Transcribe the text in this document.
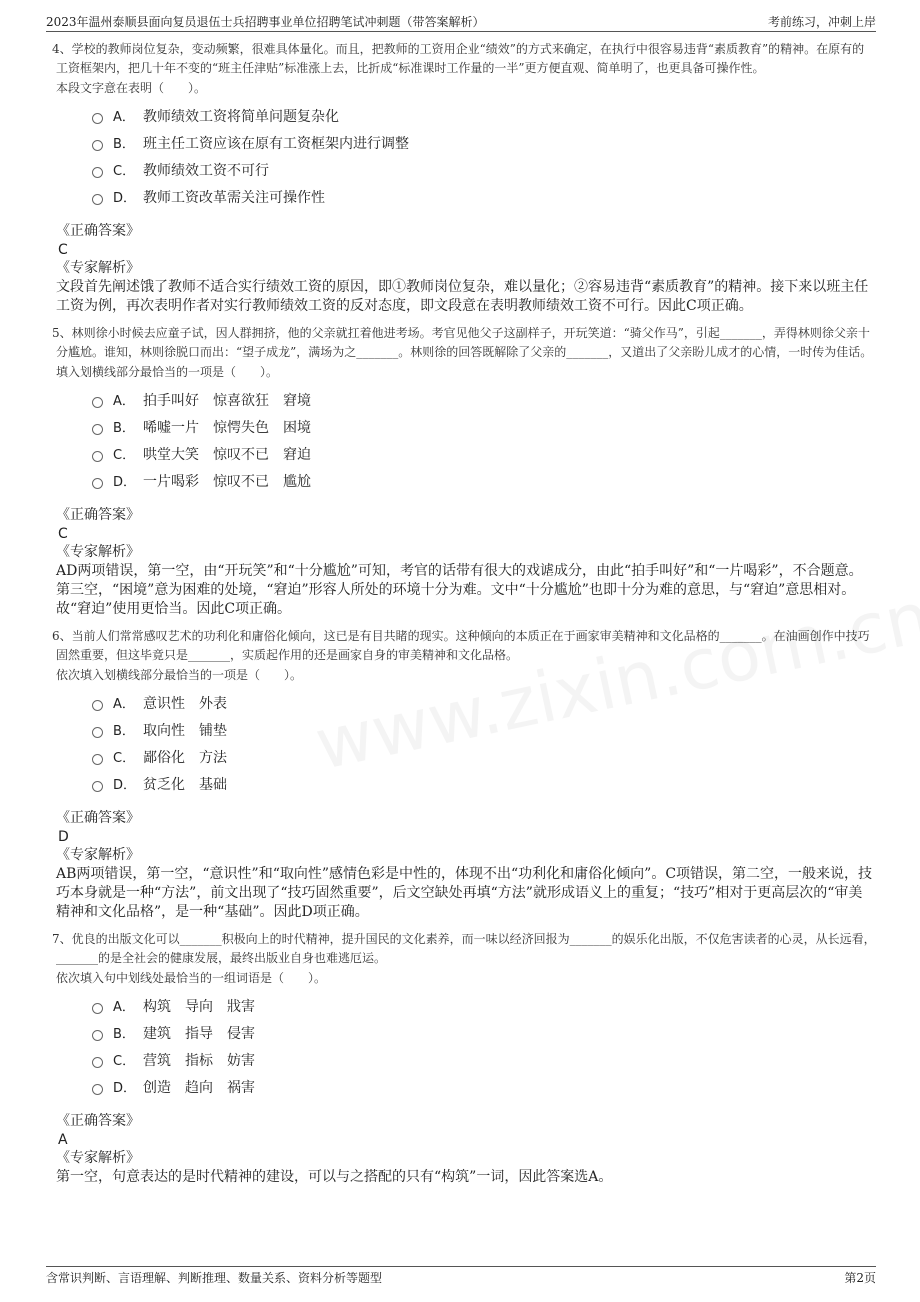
2023年温州泰顺县面向复员退伍士兵招聘事业单位招聘笔试冲刺题（带答案解析）	考前练习，冲刺上岸

4、学校的教师岗位复杂，变动频繁，很难具体量化。而且，把教师的工资用企业“绩效”的方式来确定，在执行中很容易违背“素质教育”的精神。在原有的工资框架内，把几十年不变的“班主任津贴”标准涨上去，比折成“标准课时工作量的一半”更方便直观、简单明了，也更具备可操作性。

本段文字意在表明（　　）。

A． 教师绩效工资将简单问题复杂化
B． 班主任工资应该在原有工资框架内进行调整
C． 教师绩效工资不可行
D． 教师工资改革需关注可操作性

《正确答案》

C

《专家解析》

文段首先阐述饿了教师不适合实行绩效工资的原因，即①教师岗位复杂，难以量化；②容易违背“素质教育”的精神。接下来以班主任工资为例，再次表明作者对实行教师绩效工资的反对态度，即文段意在表明教师绩效工资不可行。因此C项正确。

5、林则徐小时候去应童子试，因人群拥挤，他的父亲就扛着他进考场。考官见他父子这副样子，开玩笑道：“骑父作马”，引起_______，弄得林则徐父亲十分尴尬。谁知，林则徐脱口而出：“望子成龙”，满场为之_______。林则徐的回答既解除了父亲的_______，又道出了父亲盼儿成才的心情，一时传为佳话。

填入划横线部分最恰当的一项是（　　）。

A． 拍手叫好　惊喜欲狂　窘境
B． 唏嘘一片　惊愕失色　困境
C． 哄堂大笑　惊叹不已　窘迫
D． 一片喝彩　惊叹不已　尴尬

《正确答案》

C

《专家解析》

AD两项错误，第一空，由“开玩笑”和“十分尴尬”可知，考官的话带有很大的戏谑成分，由此“拍手叫好”和“一片喝彩”，不合题意。第三空，“困境”意为困难的处境，“窘迫”形容人所处的环境十分为难。文中“十分尴尬”也即十分为难的意思，与“窘迫”意思相对。故“窘迫”使用更恰当。因此C项正确。

6、当前人们常常感叹艺术的功利化和庸俗化倾向，这已是有目共睹的现实。这种倾向的本质正在于画家审美精神和文化品格的_______。在油画创作中技巧固然重要，但这毕竟只是_______，实质起作用的还是画家自身的审美精神和文化品格。

依次填入划横线部分最恰当的一项是（　　）。

A． 意识性　外表
B． 取向性　铺垫
C． 鄙俗化　方法
D． 贫乏化　基础

《正确答案》

D

《专家解析》

AB两项错误，第一空，“意识性”和“取向性”感情色彩是中性的，体现不出“功利化和庸俗化倾向”。C项错误，第二空，一般来说，技巧本身就是一种“方法”，前文出现了“技巧固然重要”，后文空缺处再填“方法”就形成语义上的重复；“技巧”相对于更高层次的“审美精神和文化品格”，是一种“基础”。因此D项正确。

7、优良的出版文化可以_______积极向上的时代精神，提升国民的文化素养，而一味以经济回报为_______的娱乐化出版，不仅危害读者的心灵，从长远看，_______的是全社会的健康发展，最终出版业自身也难逃厄运。

依次填入句中划线处最恰当的一组词语是（　　）。

A． 构筑　导向　戕害
B． 建筑　指导　侵害
C． 营筑　指标　妨害
D． 创造　趋向　祸害

《正确答案》

A

《专家解析》

第一空，句意表达的是时代精神的建设，可以与之搭配的只有“构筑”一词，因此答案选A。

含常识判断、言语理解、判断推理、数量关系、资料分析等题型	第2页
